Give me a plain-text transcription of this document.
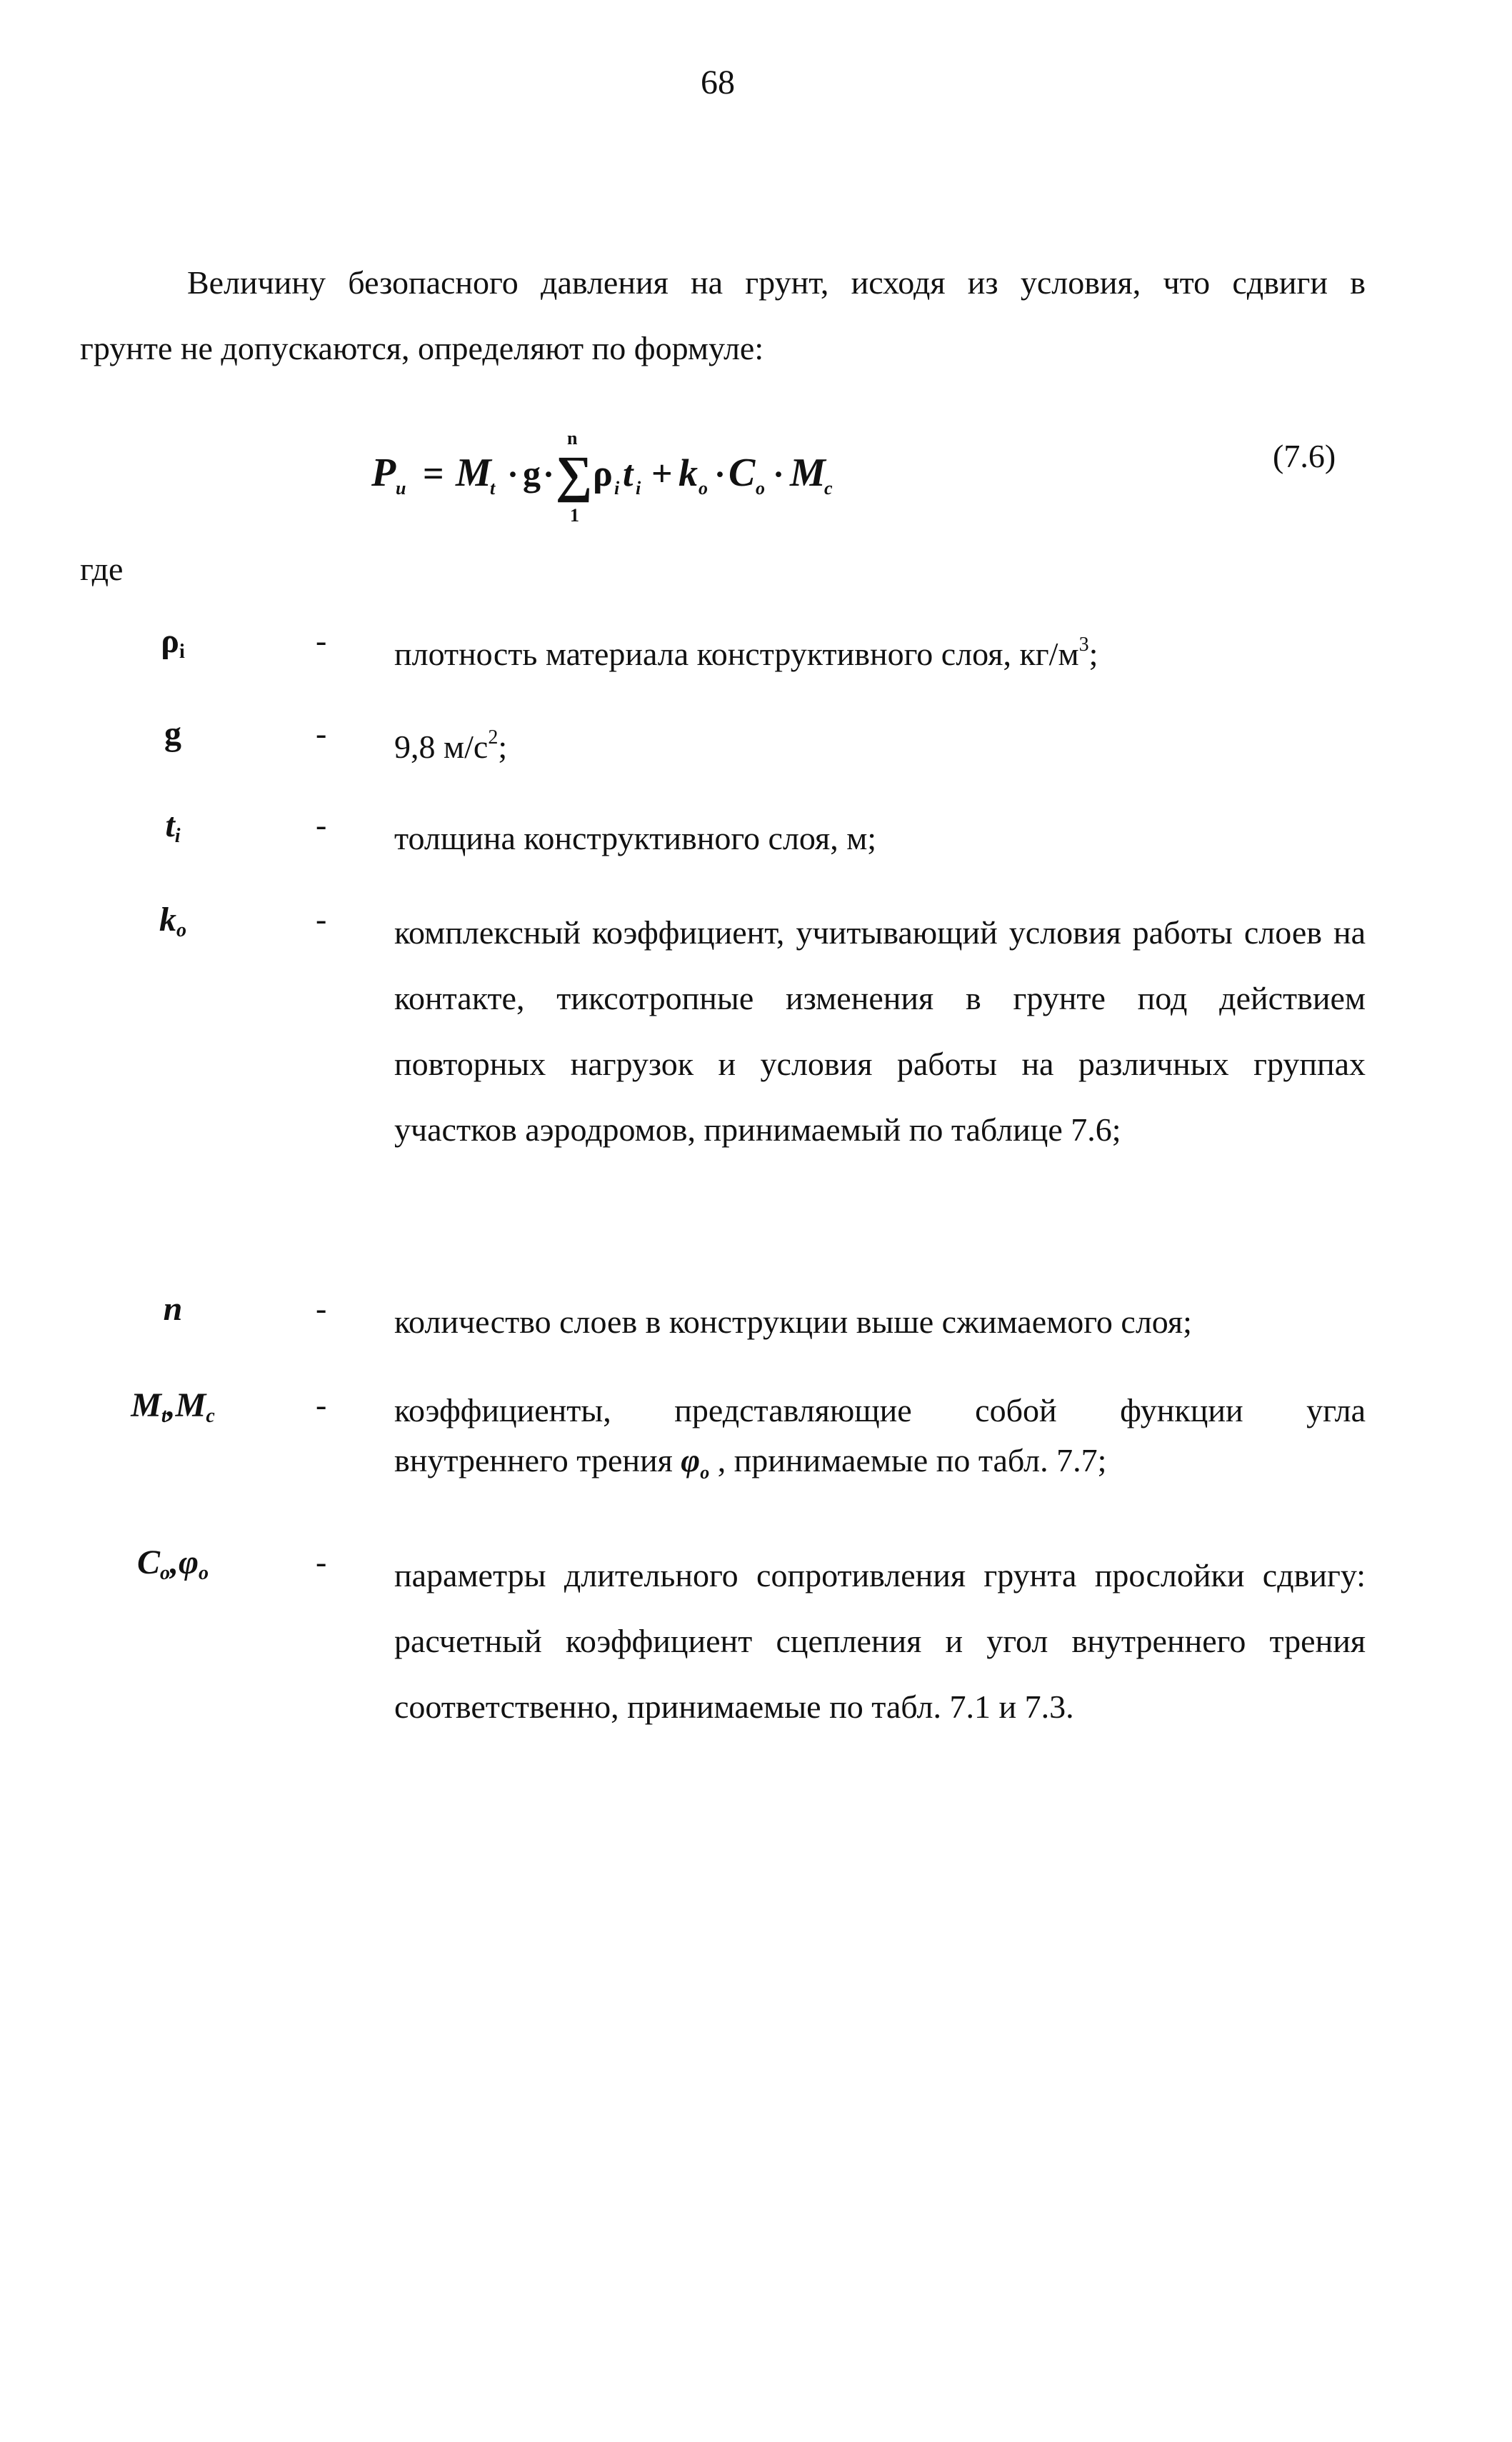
68
Величину безопасного давления на грунт, исходя из условия, что сдвиги в
грунте не допускаются, определяют по формуле:
P u = M
t · g ·
n
∑
1
ρ i t i + k o · C o · M
c
(7.6)
где
$\rho_i$	- плотность материала конструктивного слоя, $кг/м^3$;
g	- 9,8 $м/с^2$;
$t_i$	- толщина конструктивного слоя, м;
$k_o$	- комплексный коэффициент, учитывающий условия работы слоев на контакте, тиксотропные изменения в грунте под действием повторных нагрузок и условия работы на различных группах участков аэродромов, принимаемый по таблице 7.6;
n	- количество слоев в конструкции выше сжимаемого слоя;
$M_t,M_c$	- коэффициенты, представляющие собой функции угла
внутреннего трения $\varphi_o$ , принимаемые по табл. 7.7;
$C_o,\varphi_o$	- параметры длительного сопротивления грунта прослойки сдвигу: расчетный коэффициент сцепления и угол внутреннего трения соответственно, принимаемые по табл. 7.1 и 7.3.
